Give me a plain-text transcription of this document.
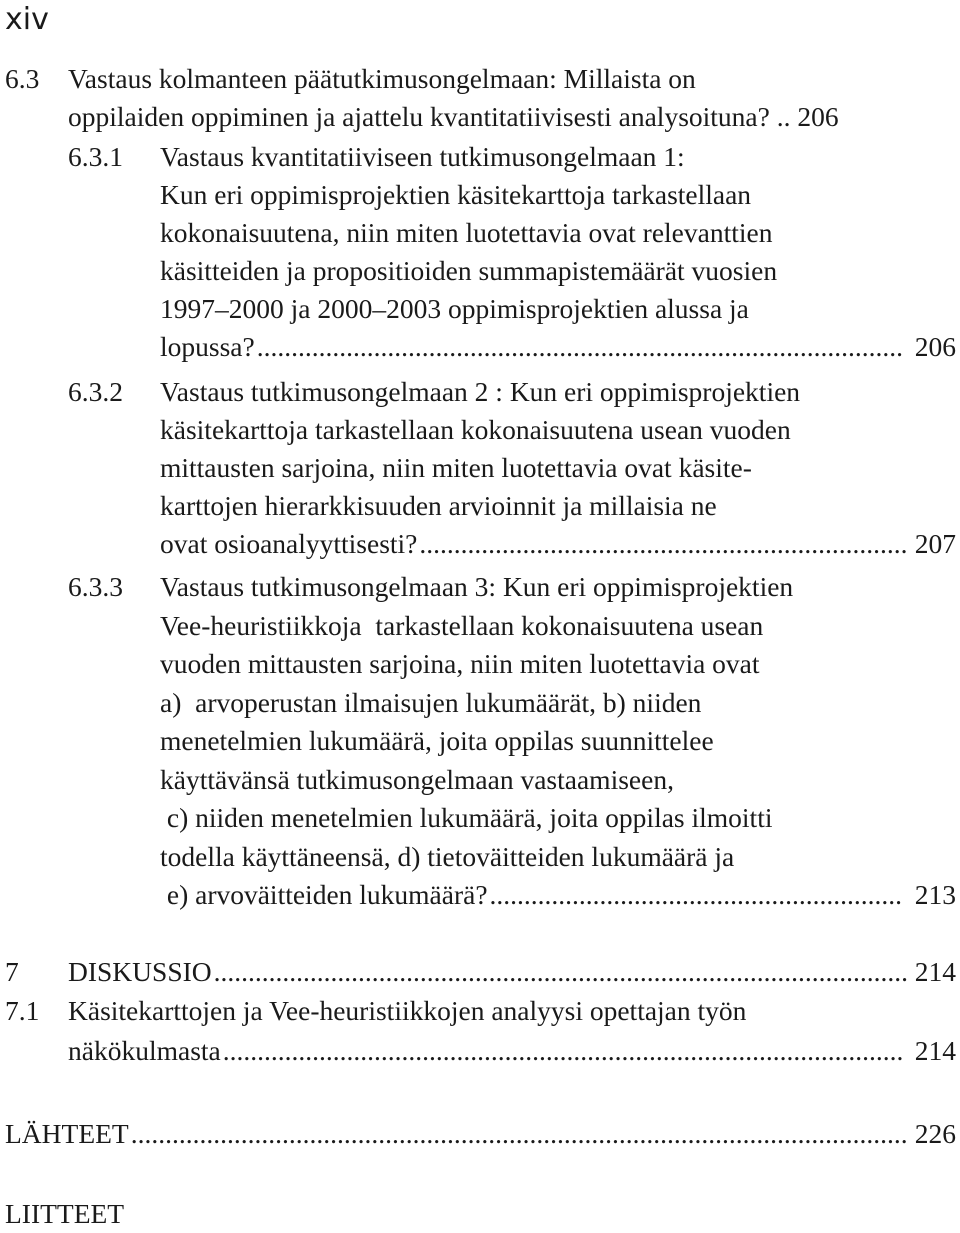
xiv
6.3 Vastaus kolmanteen päätutkimusongelmaan: Millaista on
oppilaiden oppiminen ja ajattelu kvantitatiivisesti analysoituna? .. 206
6.3.1 Vastaus kvantitatiiviseen tutkimusongelmaan 1:
Kun eri oppimisprojektien käsitekarttoja tarkastellaan
kokonaisuutena, niin miten luotettavia ovat relevanttien
käsitteiden ja propositioiden summapistemäärät vuosien
1997–2000 ja 2000–2003 oppimisprojektien alussa ja
lopussa?	206
..............................................................................................
6.3.2 Vastaus tutkimusongelmaan 2 : Kun eri oppimisprojektien
käsitekarttoja tarkastellaan kokonaisuutena usean vuoden
mittausten sarjoina, niin miten luotettavia ovat käsite-
karttojen hierarkkisuuden arvioinnit ja millaisia ne
ovat osioanalyyttisesti?	207
.......................................................................
6.3.3 Vastaus tutkimusongelmaan 3: Kun eri oppimisprojektien
Vee-heuristiikkoja  tarkastellaan kokonaisuutena usean
vuoden mittausten sarjoina, niin miten luotettavia ovat
a)  arvoperustan ilmaisujen lukumäärät, b) niiden
menetelmien lukumäärä, joita oppilas suunnittelee
käyttävänsä tutkimusongelmaan vastaamiseen,
c) niiden menetelmien lukumäärä, joita oppilas ilmoitti
todella käyttäneensä, d) tietoväitteiden lukumäärä ja
e) arvoväitteiden lukumäärä?	213
............................................................
7 DISKUSSIO	214
.....................................................................................................
7.1 Käsitekarttojen ja Vee-heuristiikkojen analyysi opettajan työn
näkökulmasta	214
...................................................................................................
LÄHTEET	226
.................................................................................................................
LIITTEET
